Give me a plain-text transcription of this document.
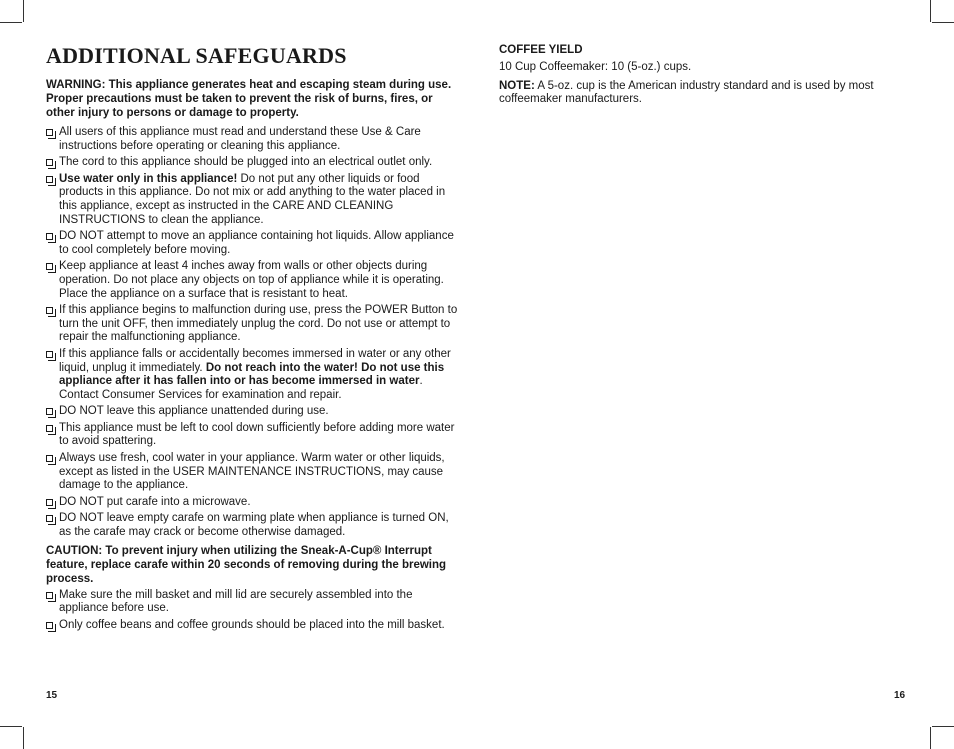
ADDITIONAL SAFEGUARDS

WARNING: This appliance generates heat and escaping steam during use. Proper precautions must be taken to prevent the risk of burns, fires, or other injury to persons or damage to property.

All users of this appliance must read and understand these Use & Care instructions before operating or cleaning this appliance.
The cord to this appliance should be plugged into an electrical outlet only.
Use water only in this appliance! Do not put any other liquids or food products in this appliance. Do not mix or add anything to the water placed in this appliance, except as instructed in the CARE AND CLEANING INSTRUCTIONS to clean the appliance.
DO NOT attempt to move an appliance containing hot liquids. Allow appliance to cool completely before moving.
Keep appliance at least 4 inches away from walls or other objects during operation. Do not place any objects on top of appliance while it is operating. Place the appliance on a surface that is resistant to heat.
If this appliance begins to malfunction during use, press the POWER Button to turn the unit OFF, then immediately unplug the cord. Do not use or attempt to repair the malfunctioning appliance.
If this appliance falls or accidentally becomes immersed in water or any other liquid, unplug it immediately. Do not reach into the water! Do not use this appliance after it has fallen into or has become immersed in water. Contact Consumer Services for examination and repair.
DO NOT leave this appliance unattended during use.
This appliance must be left to cool down sufficiently before adding more water to avoid spattering.
Always use fresh, cool water in your appliance. Warm water or other liquids, except as listed in the USER MAINTENANCE INSTRUCTIONS, may cause damage to the appliance.
DO NOT put carafe into a microwave.
DO NOT leave empty carafe on warming plate when appliance is turned ON, as the carafe may crack or become otherwise damaged.

CAUTION: To prevent injury when utilizing the Sneak-A-Cup® Interrupt feature, replace carafe within 20 seconds of removing during the brewing process.

Make sure the mill basket and mill lid are securely assembled into the appliance before use.
Only coffee beans and coffee grounds should be placed into the mill basket.
15

COFFEE YIELD

10 Cup Coffeemaker: 10 (5-oz.) cups.

NOTE: A 5-oz. cup is the American industry standard and is used by most coffeemaker manufacturers.

16
